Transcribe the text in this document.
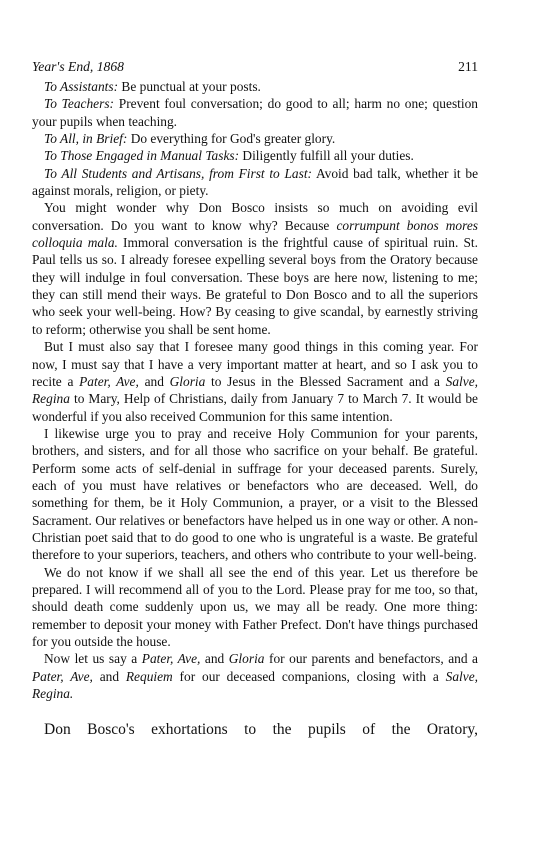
Year's End, 1868	211

To Assistants: Be punctual at your posts.

To Teachers: Prevent foul conversation; do good to all; harm no one; question your pupils when teaching.

To All, in Brief: Do everything for God's greater glory.

To Those Engaged in Manual Tasks: Diligently fulfill all your duties.

To All Students and Artisans, from First to Last: Avoid bad talk, whether it be against morals, religion, or piety.

You might wonder why Don Bosco insists so much on avoiding evil conversation. Do you want to know why? Because corrumpunt bonos mores colloquia mala. Immoral conversation is the frightful cause of spiritual ruin. St. Paul tells us so. I already foresee expelling several boys from the Oratory because they will indulge in foul conversation. These boys are here now, listening to me; they can still mend their ways. Be grateful to Don Bosco and to all the superiors who seek your well-being. How? By ceasing to give scandal, by earnestly striving to reform; otherwise you shall be sent home.

But I must also say that I foresee many good things in this coming year. For now, I must say that I have a very important matter at heart, and so I ask you to recite a Pater, Ave, and Gloria to Jesus in the Blessed Sacrament and a Salve, Regina to Mary, Help of Christians, daily from January 7 to March 7. It would be wonderful if you also received Communion for this same intention.

I likewise urge you to pray and receive Holy Communion for your parents, brothers, and sisters, and for all those who sacrifice on your behalf. Be grateful. Perform some acts of self-denial in suffrage for your deceased parents. Surely, each of you must have relatives or benefactors who are deceased. Well, do something for them, be it Holy Communion, a prayer, or a visit to the Blessed Sacrament. Our relatives or benefactors have helped us in one way or other. A non-Christian poet said that to do good to one who is ungrateful is a waste. Be grateful therefore to your superiors, teachers, and others who contribute to your well-being.

We do not know if we shall all see the end of this year. Let us therefore be prepared. I will recommend all of you to the Lord. Please pray for me too, so that, should death come suddenly upon us, we may all be ready. One more thing: remember to deposit your money with Father Prefect. Don't have things purchased for you outside the house.

Now let us say a Pater, Ave, and Gloria for our parents and benefactors, and a Pater, Ave, and Requiem for our deceased companions, closing with a Salve, Regina.

Don Bosco's exhortations to the pupils of the Oratory,
